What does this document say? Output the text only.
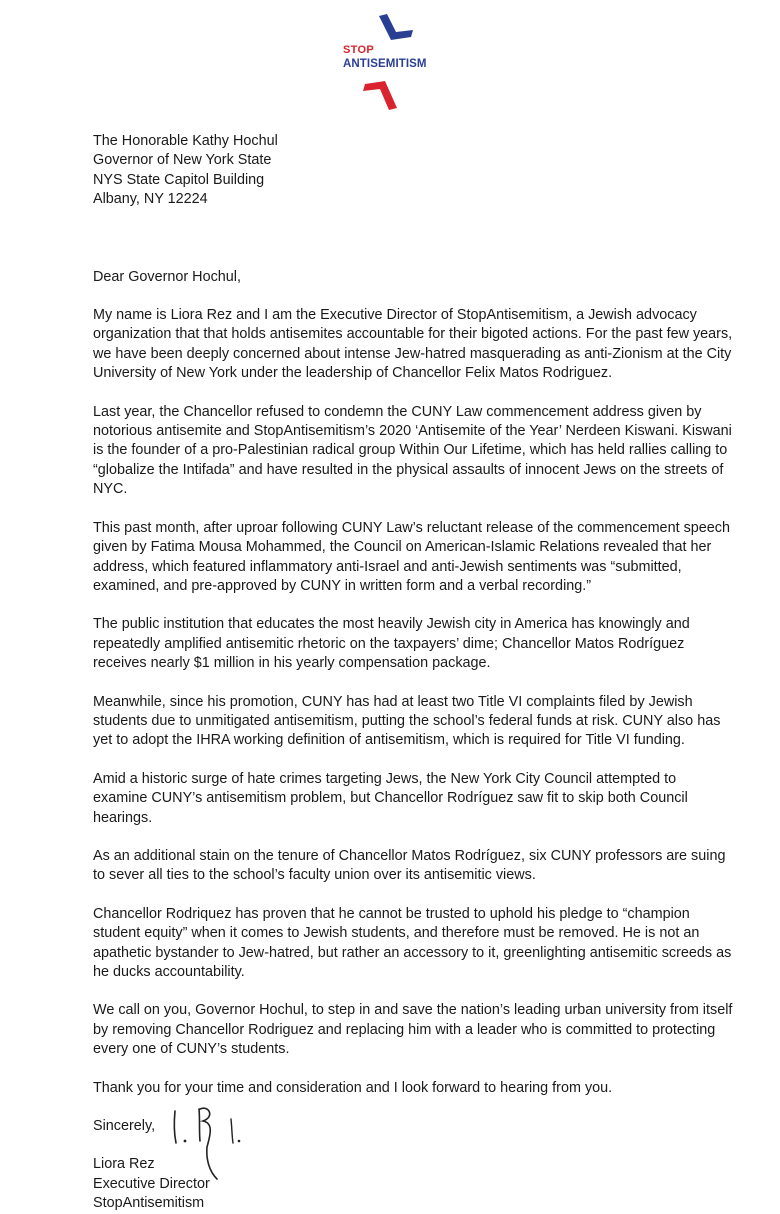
STOP
ANTISEMITISM

The Honorable Kathy Hochul

Governor of New York State

NYS State Capitol Building

Albany, NY 12224

Dear Governor Hochul,

My name is Liora Rez and I am the Executive Director of StopAntisemitism, a Jewish advocacy organization that that holds antisemites accountable for their bigoted actions. For the past few years, we have been deeply concerned about intense Jew-hatred masquerading as anti-Zionism at the City University of New York under the leadership of Chancellor Felix Matos Rodriguez.

Last year, the Chancellor refused to condemn the CUNY Law commencement address given by notorious antisemite and StopAntisemitism’s 2020 ‘Antisemite of the Year’ Nerdeen Kiswani. Kiswani is the founder of a pro-Palestinian radical group Within Our Lifetime, which has held rallies calling to “globalize the Intifada” and have resulted in the physical assaults of innocent Jews on the streets of NYC.

This past month, after uproar following CUNY Law’s reluctant release of the commencement speech given by Fatima Mousa Mohammed, the Council on American-Islamic Relations revealed that her address, which featured inflammatory anti-Israel and anti-Jewish sentiments was “submitted, examined, and pre-approved by CUNY in written form and a verbal recording.”

The public institution that educates the most heavily Jewish city in America has knowingly and repeatedly amplified antisemitic rhetoric on the taxpayers’ dime; Chancellor Matos Rodríguez receives nearly $1 million in his yearly compensation package.

Meanwhile, since his promotion, CUNY has had at least two Title VI complaints filed by Jewish students due to unmitigated antisemitism, putting the school’s federal funds at risk. CUNY also has yet to adopt the IHRA working definition of antisemitism, which is required for Title VI funding.

Amid a historic surge of hate crimes targeting Jews, the New York City Council attempted to examine CUNY’s antisemitism problem, but Chancellor Rodríguez saw fit to skip both Council hearings.

As an additional stain on the tenure of Chancellor Matos Rodríguez, six CUNY professors are suing to sever all ties to the school’s faculty union over its antisemitic views.

Chancellor Rodriquez has proven that he cannot be trusted to uphold his pledge to “champion student equity” when it comes to Jewish students, and therefore must be removed. He is not an apathetic bystander to Jew-hatred, but rather an accessory to it, greenlighting antisemitic screeds as he ducks accountability.

We call on you, Governor Hochul, to step in and save the nation’s leading urban university from itself by removing Chancellor Rodriguez and replacing him with a leader who is committed to protecting every one of CUNY’s students.

Thank you for your time and consideration and I look forward to hearing from you.

Sincerely,

Liora Rez

Executive Director

StopAntisemitism
